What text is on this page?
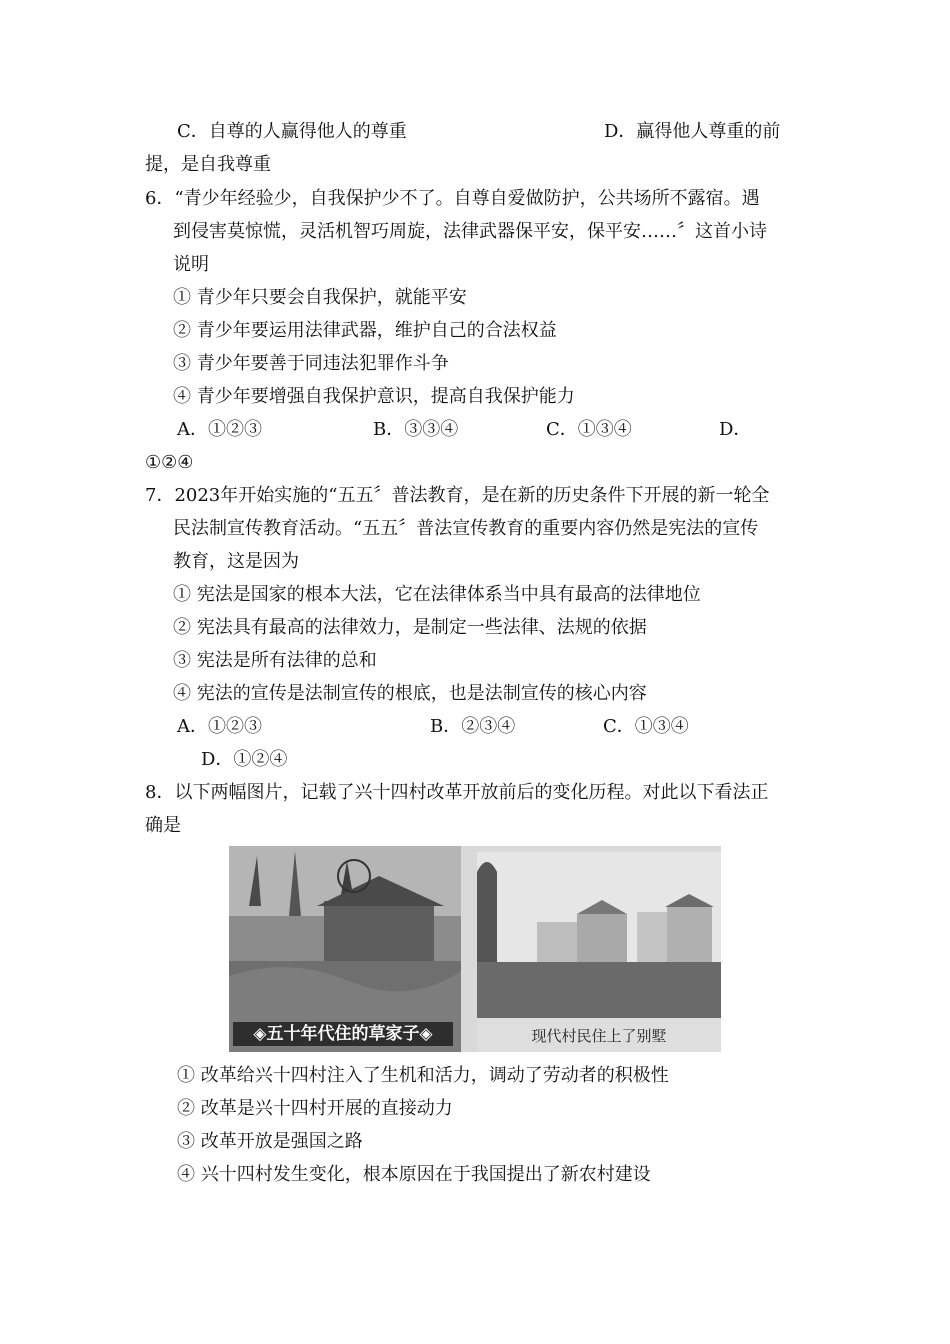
C．自尊的人赢得他人的尊重	D．赢得他人尊重的前
提，是自我尊重
6．“青少年经验少，自我保护少不了。自尊自爱做防护，公共场所不露宿。遇
到侵害莫惊慌，灵活机智巧周旋，法律武器保平安，保平安……〞这首小诗
说明
① 青少年只要会自我保护，就能平安
② 青少年要运用法律武器，维护自己的合法权益
③ 青少年要善于同违法犯罪作斗争
④ 青少年要增强自我保护意识，提高自我保护能力
A．①②③	B．③③④	C．①③④	D．
①②④
7．2023年开始实施的“五五〞普法教育，是在新的历史条件下开展的新一轮全
民法制宣传教育活动。“五五〞普法宣传教育的重要内容仍然是宪法的宣传
教育，这是因为
① 宪法是国家的根本大法，它在法律体系当中具有最高的法律地位
② 宪法具有最高的法律效力，是制定一些法律、法规的依据
③ 宪法是所有法律的总和
④ 宪法的宣传是法制宣传的根底，也是法制宣传的核心内容
A．①②③	B．②③④	C．①③④
D．①②④
8．以下两幅图片，记载了兴十四村改革开放前后的变化历程。对此以下看法正
确是
◈五十年代住的草家子◈	现代村民住上了别墅
① 改革给兴十四村注入了生机和活力，调动了劳动者的积极性
② 改革是兴十四村开展的直接动力
③ 改革开放是强国之路
④ 兴十四村发生变化，根本原因在于我国提出了新农村建设
